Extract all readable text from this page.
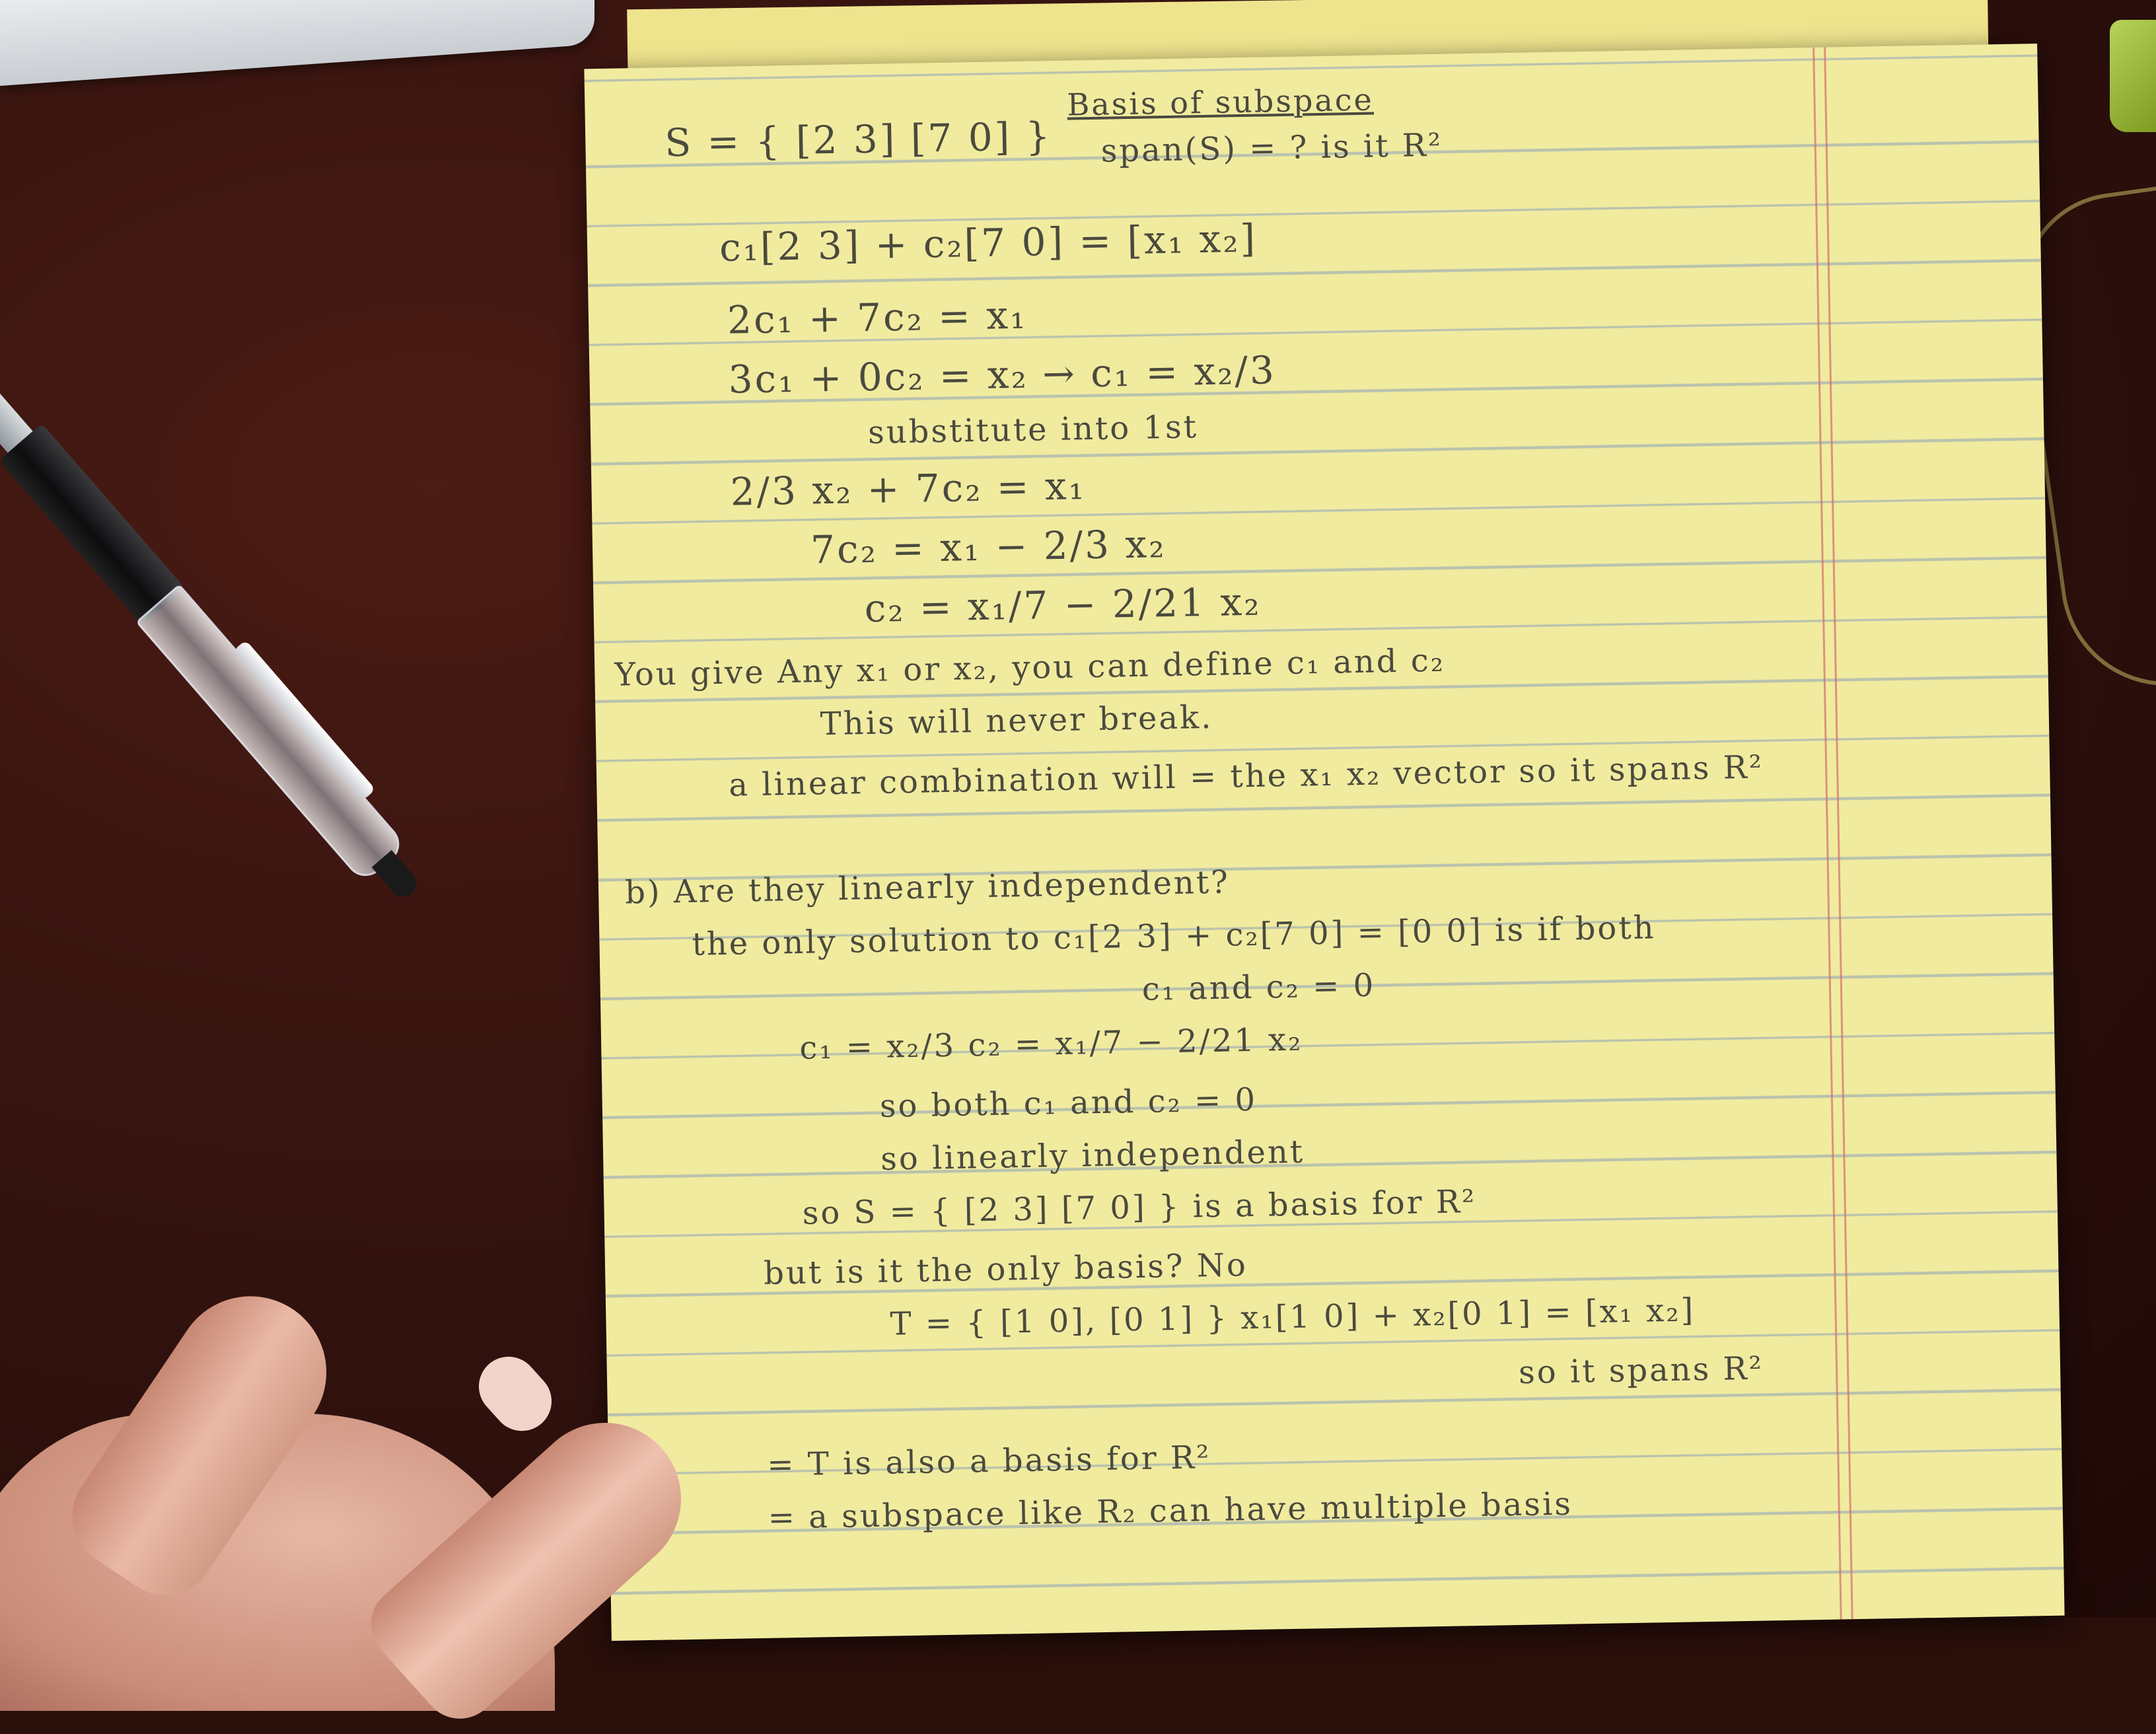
S = { [2 3] [7 0] }
Basis of subspace
span(S) = ? is it R²
c₁[2 3] + c₂[7 0] = [x₁ x₂]
2c₁ + 7c₂ = x₁
3c₁ + 0c₂ = x₂ → c₁ = x₂/3
substitute into 1st
2/3 x₂ + 7c₂ = x₁
7c₂ = x₁ − 2/3 x₂
c₂ = x₁/7 − 2/21 x₂
You give Any x₁ or x₂, you can define c₁ and c₂
This will never break.
a linear combination will = the x₁ x₂ vector so it spans R²
b) Are they linearly independent?
the only solution to c₁[2 3] + c₂[7 0] = [0 0] is if both
c₁ and c₂ = 0
c₁ = x₂/3 c₂ = x₁/7 − 2/21 x₂
so both c₁ and c₂ = 0
so linearly independent
so S = { [2 3] [7 0] } is a basis for R²
but is it the only basis? No
T = { [1 0], [0 1] } x₁[1 0] + x₂[0 1] = [x₁ x₂]
so it spans R²
= T is also a basis for R²
= a subspace like R₂ can have multiple basis
